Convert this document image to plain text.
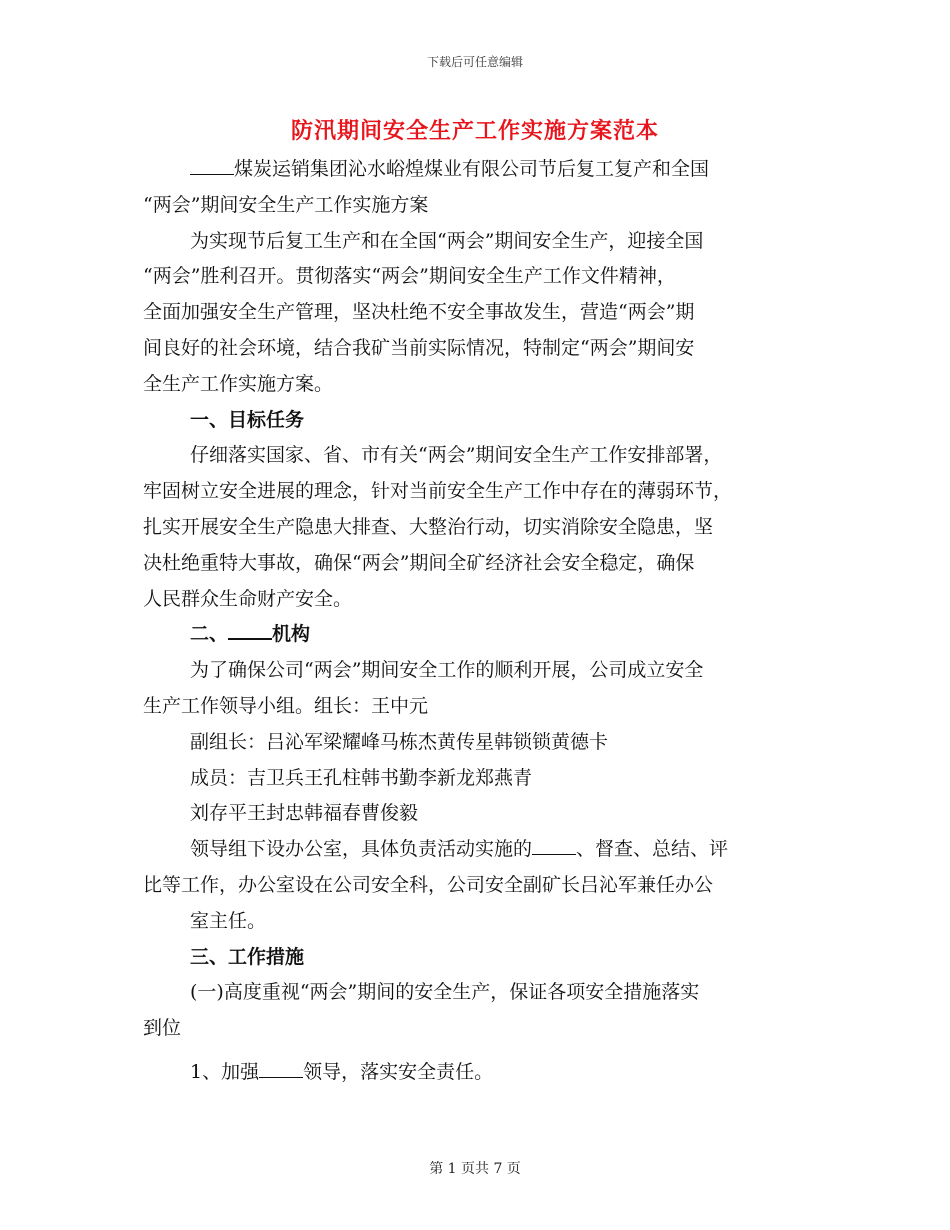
下载后可任意编辑
防汛期间安全生产工作实施方案范本
煤炭运销集团沁水峪煌煤业有限公司节后复工复产和全国
“两会”期间安全生产工作实施方案
为实现节后复工生产和在全国“两会”期间安全生产，迎接全国
“两会”胜利召开。贯彻落实“两会”期间安全生产工作文件精神，
全面加强安全生产管理，坚决杜绝不安全事故发生，营造“两会”期
间良好的社会环境，结合我矿当前实际情况，特制定“两会”期间安
全生产工作实施方案。
一、目标任务
仔细落实国家、省、市有关“两会”期间安全生产工作安排部署，
牢固树立安全进展的理念，针对当前安全生产工作中存在的薄弱环节，
扎实开展安全生产隐患大排查、大整治行动，切实消除安全隐患，坚
决杜绝重特大事故，确保“两会”期间全矿经济社会安全稳定，确保
人民群众生命财产安全。
二、 机构
为了确保公司“两会”期间安全工作的顺利开展，公司成立安全
生产工作领导小组。组长：王中元
副组长：吕沁军梁耀峰马栋杰黄传星韩锁锁黄德卡
成员：吉卫兵王孔柱韩书勤李新龙郑燕青
刘存平王封忠韩福春曹俊毅
领导组下设办公室，具体负责活动实施的 、督查、总结、评
比等工作，办公室设在公司安全科，公司安全副矿长吕沁军兼任办公
室主任。
三、工作措施
(一)高度重视“两会”期间的安全生产，保证各项安全措施落实
到位
1、加强 领导，落实安全责任。
第 1 页共 7 页
